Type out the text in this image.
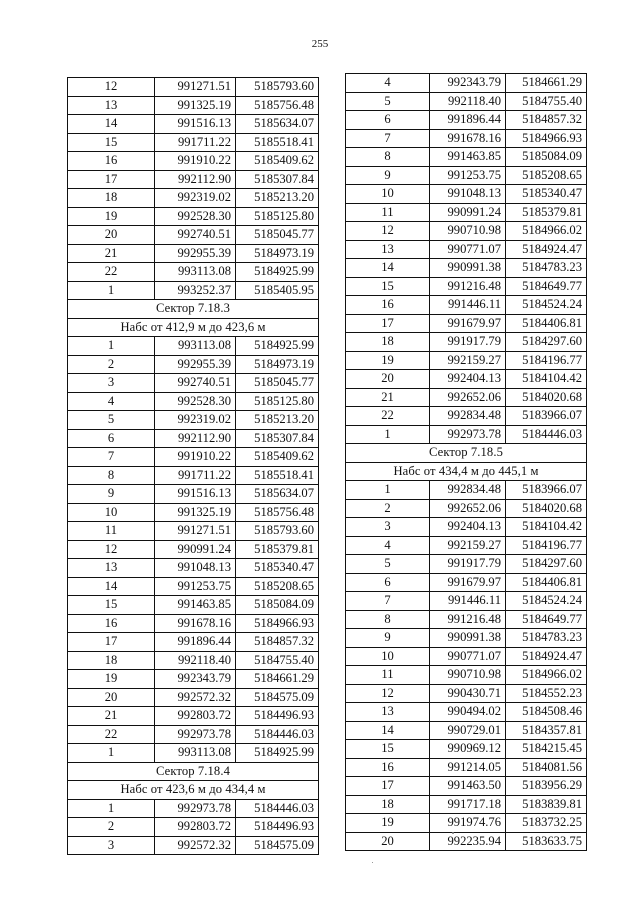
255
12	991271.51	5185793.60
13	991325.19	5185756.48
14	991516.13	5185634.07
15	991711.22	5185518.41
16	991910.22	5185409.62
17	992112.90	5185307.84
18	992319.02	5185213.20
19	992528.30	5185125.80
20	992740.51	5185045.77
21	992955.39	5184973.19
22	993113.08	5184925.99
1	993252.37	5185405.95
Сектор 7.18.3		
Набс от 412,9 м до 423,6 м		
1	993113.08	5184925.99
2	992955.39	5184973.19
3	992740.51	5185045.77
4	992528.30	5185125.80
5	992319.02	5185213.20
6	992112.90	5185307.84
7	991910.22	5185409.62
8	991711.22	5185518.41
9	991516.13	5185634.07
10	991325.19	5185756.48
11	991271.51	5185793.60
12	990991.24	5185379.81
13	991048.13	5185340.47
14	991253.75	5185208.65
15	991463.85	5185084.09
16	991678.16	5184966.93
17	991896.44	5184857.32
18	992118.40	5184755.40
19	992343.79	5184661.29
20	992572.32	5184575.09
21	992803.72	5184496.93
22	992973.78	5184446.03
1	993113.08	5184925.99
Сектор 7.18.4		
Набс от 423,6 м до 434,4 м		
1	992973.78	5184446.03
2	992803.72	5184496.93
3	992572.32	5184575.09
4	992343.79	5184661.29
5	992118.40	5184755.40
6	991896.44	5184857.32
7	991678.16	5184966.93
8	991463.85	5185084.09
9	991253.75	5185208.65
10	991048.13	5185340.47
11	990991.24	5185379.81
12	990710.98	5184966.02
13	990771.07	5184924.47
14	990991.38	5184783.23
15	991216.48	5184649.77
16	991446.11	5184524.24
17	991679.97	5184406.81
18	991917.79	5184297.60
19	992159.27	5184196.77
20	992404.13	5184104.42
21	992652.06	5184020.68
22	992834.48	5183966.07
1	992973.78	5184446.03
Сектор 7.18.5		
Набс от 434,4 м до 445,1 м		
1	992834.48	5183966.07
2	992652.06	5184020.68
3	992404.13	5184104.42
4	992159.27	5184196.77
5	991917.79	5184297.60
6	991679.97	5184406.81
7	991446.11	5184524.24
8	991216.48	5184649.77
9	990991.38	5184783.23
10	990771.07	5184924.47
11	990710.98	5184966.02
12	990430.71	5184552.23
13	990494.02	5184508.46
14	990729.01	5184357.81
15	990969.12	5184215.45
16	991214.05	5184081.56
17	991463.50	5183956.29
18	991717.18	5183839.81
19	991974.76	5183732.25
20	992235.94	5183633.75
